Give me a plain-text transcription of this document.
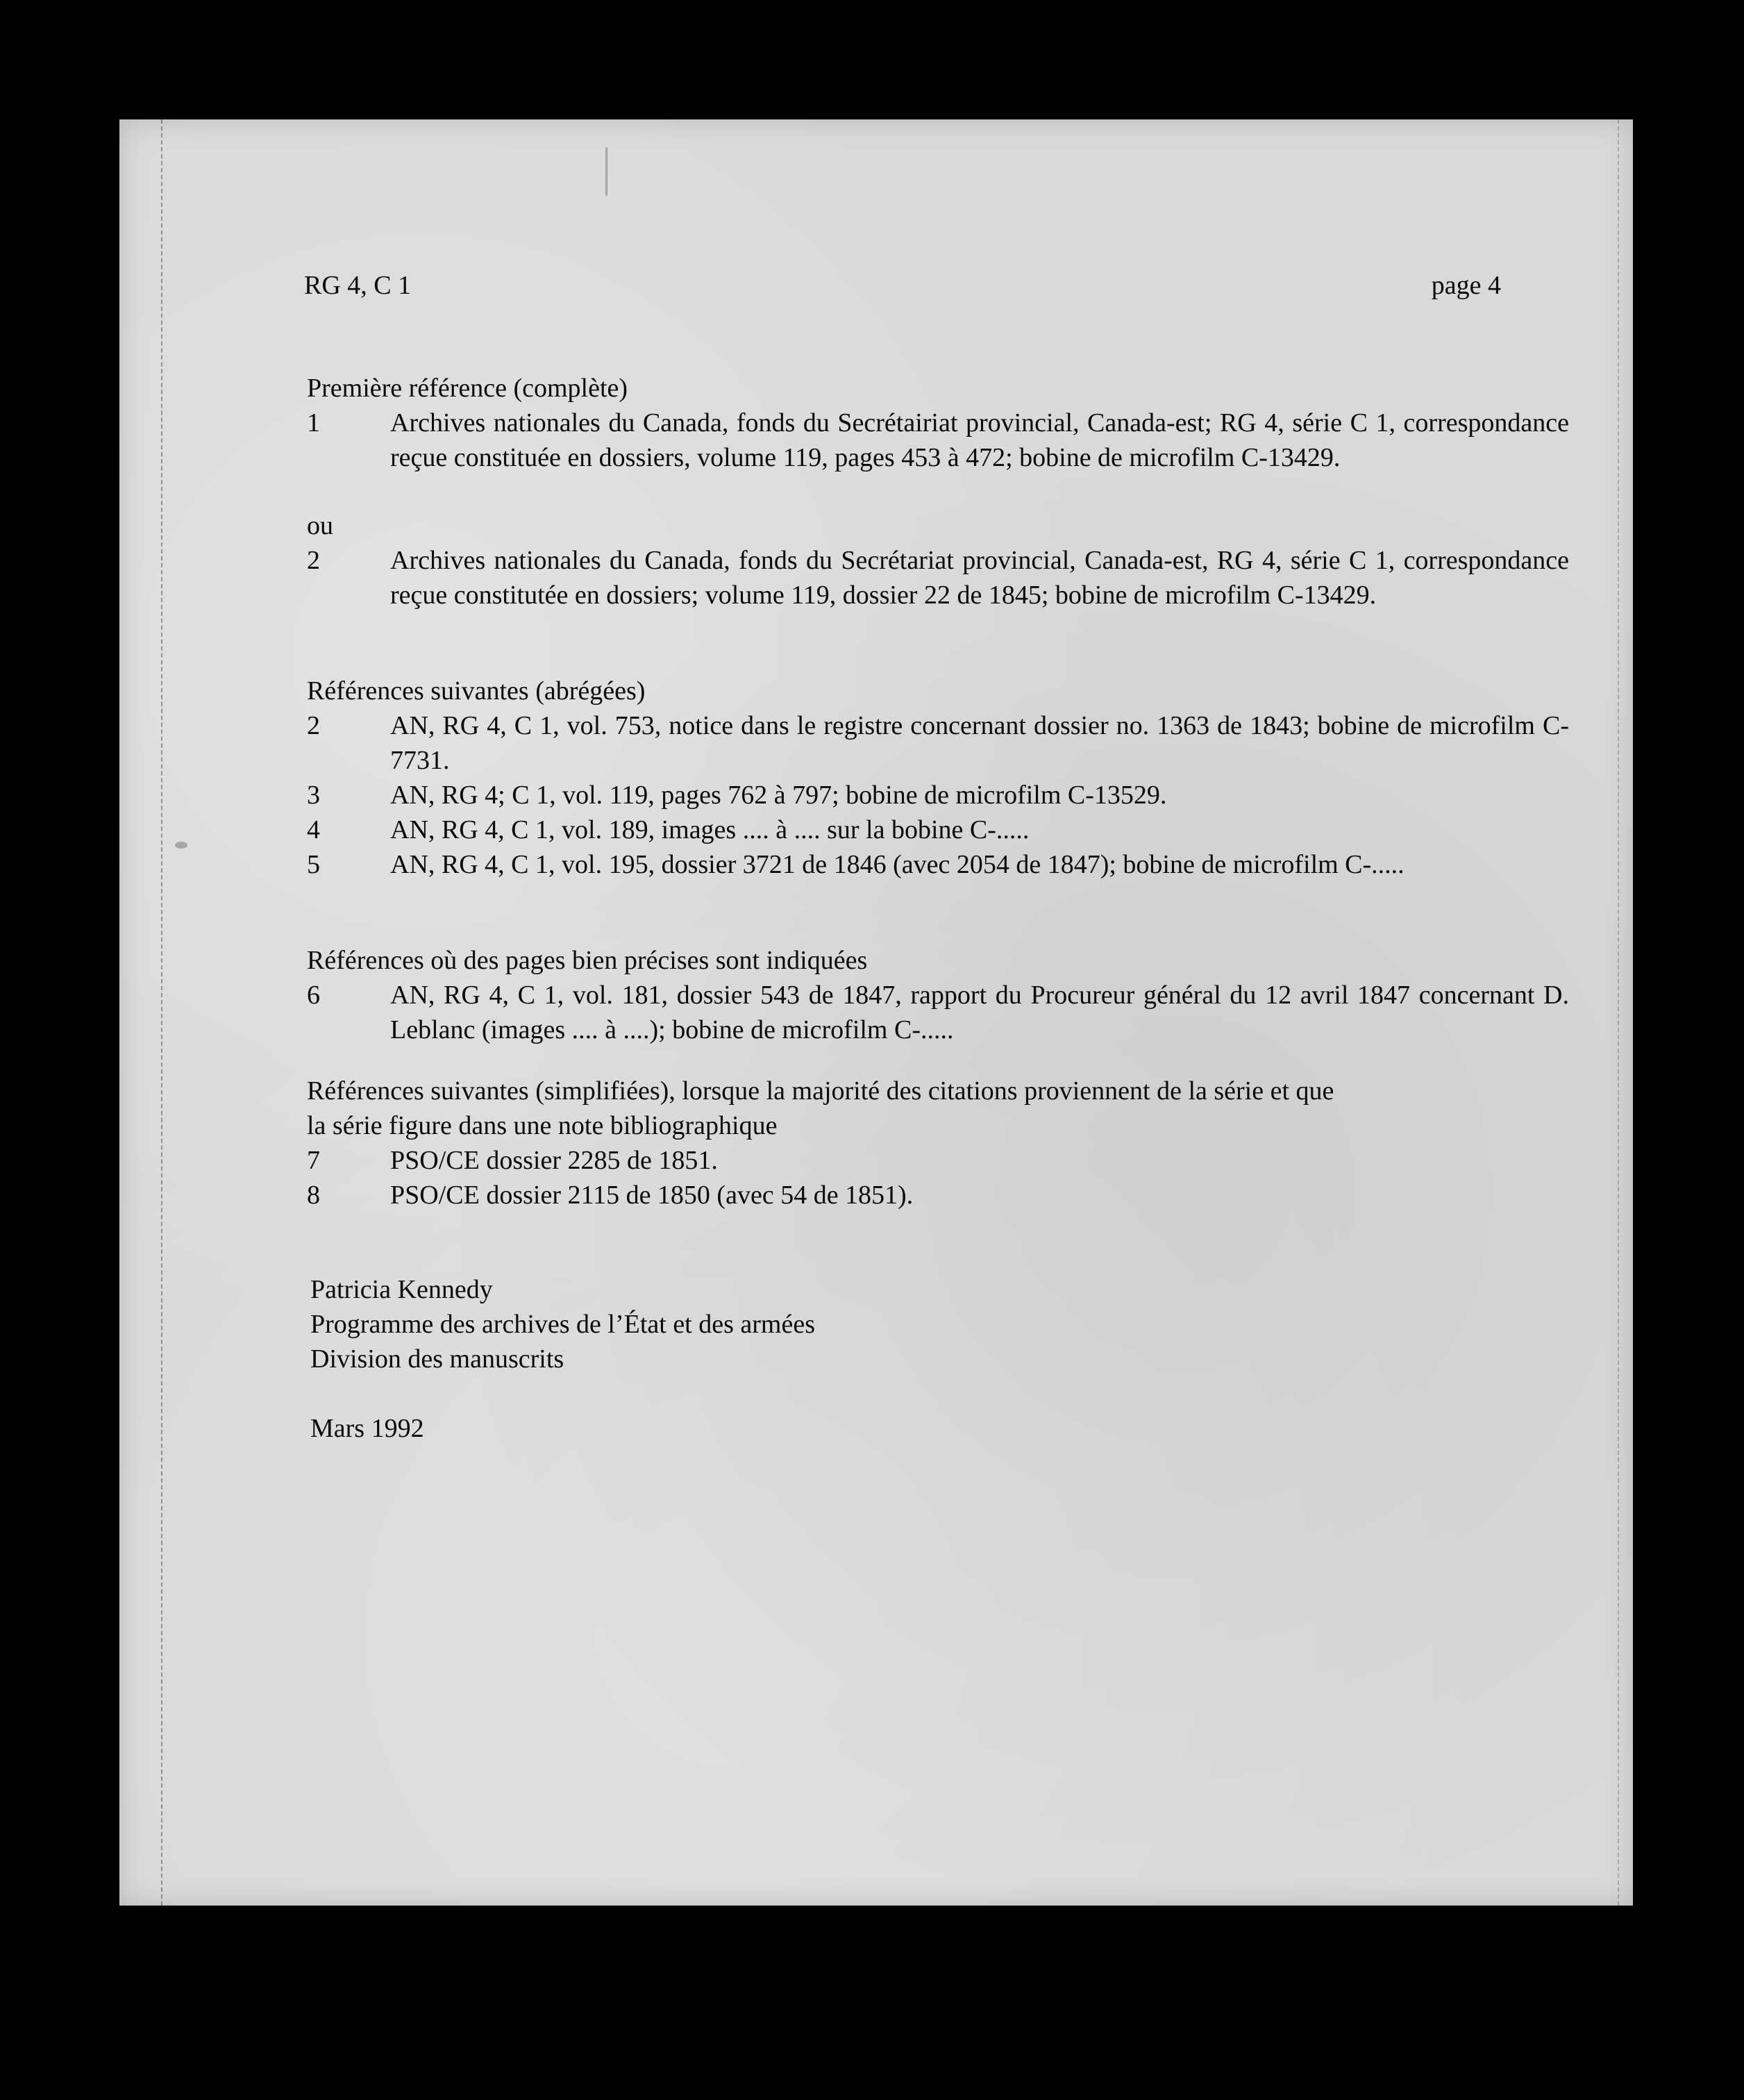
RG 4, C 1	page 4
Première référence (complète)
1	Archives nationales du Canada, fonds du Secrétairiat provincial, Canada-est; RG 4, série C 1, correspondance reçue constituée en dossiers, volume 119, pages 453 à 472; bobine de microfilm C-13429.
ou
2	Archives nationales du Canada, fonds du Secrétariat provincial, Canada-est, RG 4, série C 1, correspondance reçue constitutée en dossiers; volume 119, dossier 22 de 1845; bobine de microfilm C-13429.
Références suivantes (abrégées)
2	AN, RG 4, C 1, vol. 753, notice dans le registre concernant dossier no. 1363 de 1843; bobine de microfilm C-7731.
3	AN, RG 4; C 1, vol. 119, pages 762 à 797; bobine de microfilm C-13529.
4	AN, RG 4, C 1, vol. 189, images .... à .... sur la bobine C-.....
5	AN, RG 4, C 1, vol. 195, dossier 3721 de 1846 (avec 2054 de 1847); bobine de microfilm C-.....
Références où des pages bien précises sont indiquées
6	AN, RG 4, C 1, vol. 181, dossier 543 de 1847, rapport du Procureur général du 12 avril 1847 concernant D. Leblanc (images .... à ....); bobine de microfilm C-.....
Références suivantes (simplifiées), lorsque la majorité des citations proviennent de la série et que
la série figure dans une note bibliographique
7	PSO/CE dossier 2285 de 1851.
8	PSO/CE dossier 2115 de 1850 (avec 54 de 1851).
Patricia Kennedy
Programme des archives de l’État et des armées
Division des manuscrits
Mars 1992
